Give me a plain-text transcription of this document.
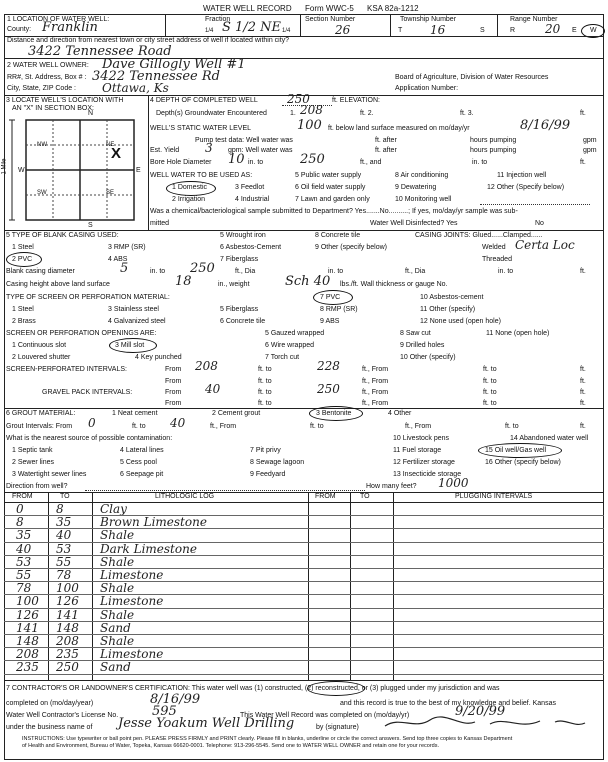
WATER WELL RECORD Form WWC-5 KSA 82a-1212
1 LOCATION OF WATER WELL:	Fraction
County: Franklin	1/4 S 1/2 NE 1/4
Section Number
26
Township Number
T 16	S
Range Number
R 20 E W
Distance and direction from nearest town or city street address of well if located within city?
3422 Tennessee Road
2 WATER WELL OWNER: Dave Gillogly Well #1
RR#, St. Address, Box # : 3422 Tennessee Rd	Board of Agriculture, Division of Water Resources
City, State, ZIP Code : Ottawa, Ks	Application Number:
3 LOCATE WELL'S LOCATION WITH
AN "X" IN SECTION BOX:
N
S
W	E
NW	NE
SW	SE
X
1 Mile
4 DEPTH OF COMPLETED WELL 250	ft. ELEVATION:
Depth(s) Groundwater Encountered	1. 208	ft. 2.	ft. 3.	ft.
WELL'S STATIC WATER LEVEL	100 ft. below land surface measured on mo/day/yr	8/16/99
Pump test data: Well water was	ft. after	hours pumping	gpm
Est. Yield 3 gpm: Well water was	ft. after	hours pumping	gpm
Bore Hole Diameter 10 in. to	250	ft., and	in. to	ft.
WELL WATER TO BE USED AS:	5 Public water supply	8 Air conditioning	11 Injection well
1 Domestic	3 Feedlot	6 Oil field water supply	9 Dewatering	12 Other (Specify below)
2 Irrigation	4 Industrial	7 Lawn and garden only	10 Monitoring well
Was a chemical/bacteriological sample submitted to Department? Yes.......No..........; If yes, mo/day/yr sample was sub-
mitted	Water Well Disinfected? Yes	No
5 TYPE OF BLANK CASING USED:	5 Wrought iron	8 Concrete tile	CASING JOINTS: Glued......Clamped......
1 Steel	3 RMP (SR)	6 Asbestos-Cement	9 Other (specify below)	Welded Certa Loc
2 PVC	4 ABS	7 Fiberglass	Threaded
Blank casing diameter	5	in. to 250	ft., Dia	in. to	ft., Dia	in. to	ft.
Casing height above land surface	18	in., weight	Sch 40 lbs./ft. Wall thickness or gauge No.
TYPE OF SCREEN OR PERFORATION MATERIAL:	7 PVC	10 Asbestos-cement
1 Steel	3 Stainless steel	5 Fiberglass	8 RMP (SR)	11 Other (specify)
2 Brass	4 Galvanized steel	6 Concrete tile	9 ABS	12 None used (open hole)
SCREEN OR PERFORATION OPENINGS ARE:	5 Gauzed wrapped	8 Saw cut	11 None (open hole)
1 Continuous slot	3 Mill slot	6 Wire wrapped	9 Drilled holes
2 Louvered shutter	4 Key punched	7 Torch cut	10 Other (specify)
SCREEN-PERFORATED INTERVALS:	From 208	ft. to	228	ft., From	ft. to	ft.
From	ft. to	ft., From	ft. to	ft.
GRAVEL PACK INTERVALS:	From 40	ft. to	250	ft., From	ft. to	ft.
From	ft. to	ft., From	ft. to	ft.
6 GROUT MATERIAL:	1 Neat cement	2 Cement grout	3 Bentonite	4 Other
Grout Intervals: From 0	ft. to 40	ft., From	ft. to	ft., From	ft. to	ft.
What is the nearest source of possible contamination:	10 Livestock pens	14 Abandoned water well
1 Septic tank	4 Lateral lines	7 Pit privy	11 Fuel storage	15 Oil well/Gas well
2 Sewer lines	5 Cess pool	8 Sewage lagoon	12 Fertilizer storage	16 Other (specify below)
3 Watertight sewer lines	6 Seepage pit	9 Feedyard	13 Insecticide storage
Direction from well?	How many feet? 1000
FROM	TO	LITHOLOGIC LOG	FROM	TO	PLUGGING INTERVALS
0	8	Clay
8	35 Brown Limestone
35 40 Shale
40 53 Dark Limestone
53 55 Shale
55 78 Limestone
78 100 Shale
100 126 Limestone
126 141 Shale
141 148 Sand
148 208 Shale
208 235 Limestone
235 250 Sand
7 CONTRACTOR'S OR LANDOWNER'S CERTIFICATION: This water well was (1) constructed, (2) reconstructed, or (3) plugged under my jurisdiction and was
completed on (mo/day/year)	8/16/99	and this record is true to the best of my knowledge and belief. Kansas
Water Well Contractor's License No.	595	This Water Well Record was completed on (mo/day/yr)	9/20/99
under the business name of Jesse Yoakum Well Drilling	by (signature)
INSTRUCTIONS: Use typewriter or ball point pen. PLEASE PRESS FIRMLY and PRINT clearly. Please fill in blanks, underline or circle the correct answers. Send top three copies to Kansas Department
of Health and Environment, Bureau of Water, Topeka, Kansas 66620-0001. Telephone: 913-296-5545. Send one to WATER WELL OWNER and retain one for your records.
